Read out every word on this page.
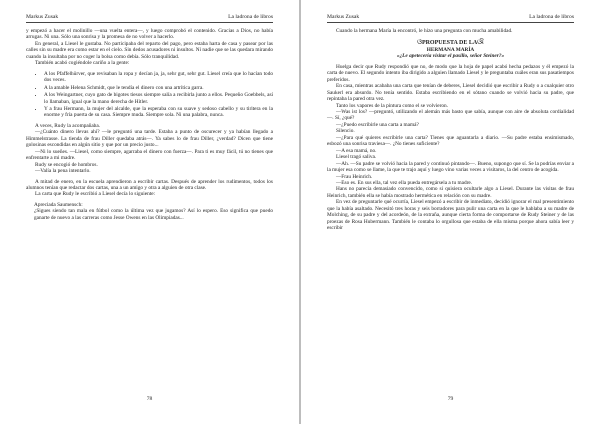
Markus Zusak	La ladrona de libros

y empezó a hacer el molinillo —una vuelta entera—, y luego comprobó el contenido. Gracias a Dios, no había arrugas. Ni una. Sólo una sonrisa y la promesa de no volver a hacerlo.

En general, a Liesel le gustaba. No participaba del reparto del pago, pero estaba harta de casa y pasear por las calles sin su madre era como estar en el cielo. Sin dedos acusadores ni insultos. Ni nadie que se las quedara mirando cuando la insultaba por no coger la bolsa como debía. Sólo tranquilidad.

También acabó cogiéndole cariño a la gente:

• A los Pfaffelhürver, que revisaban la ropa y decían ja, ja, sehr gut, sehr gut. Liesel creía que lo hacían todo dos veces.
• A la amable Helena Schmidt, que le tendía el dinero con una artrítica garra.
• A los Weingartner, cuyo gato de bigotes tiesos siempre salía a recibirla junto a ellos. Pequeño Goebbels, así lo llamaban, igual que la mano derecha de Hitler.
• Y a frau Hermann, la mujer del alcalde, que la esperaba con su suave y sedoso cabello y su tiritera en la enorme y fría puerta de su casa. Siempre muda. Siempre sola. Ni una palabra, nunca.

A veces, Rudy la acompañaba.

—¿Cuánto dinero llevas ahí? —le preguntó una tarde. Estaba a punto de oscurecer y ya habían llegado a Himmelstrasse. La tienda de frau Diller quedaba atrás—. Ya sabes lo de frau Diller, ¿verdad? Dicen que tiene golosinas escondidas en algún sitio y que por un precio justo...

—Ni lo sueñes. —Liesel, como siempre, agarraba el dinero con fuerza—. Para ti es muy fácil, tú no tienes que enfrentarte a mi madre.

Rudy se encogió de hombros.

—Valía la pena intentarlo.

A mitad de enero, en la escuela aprendieron a escribir cartas. Después de aprender los rudimentos, todos los alumnos tenían que redactar dos cartas, una a un amigo y otra a alguien de otra clase.

La carta que Rudy le escribió a Liesel decía lo siguiente:

Apreciada Saumensch:

¿Sigues siendo tan mala en fútbol como la última vez que jugamos? Así lo espero. Eso significa que puedo ganarte de nuevo a las carreras como Jesse Owens en las Olimpiadas...

78
Markus Zusak	La ladrona de libros

Cuando la hermana María la encontró, le hizo una pregunta con mucha amabilidad.

ଓPROPUESTA DE LAଔ
HERMANA MARÍA
«¿Le apetecería visitar el pasillo, señor Steiner?»

Huelga decir que Rudy respondió que no, de modo que la hoja de papel acabó hecha pedazos y él empezó la carta de nuevo. El segundo intento iba dirigido a alguien llamado Liesel y le preguntaba cuáles eran sus pasatiempos preferidos.

En casa, mientras acababa una carta que tenían de deberes, Liesel decidió que escribir a Rudy o a cualquier otro Saukerl era absurdo. No tenía sentido. Estaba escribiendo en el sótano cuando se volvió hacia su padre, que repintaba la pared otra vez.

Tanto los vapores de la pintura como el se volvieron.

—Was ist los? —preguntó, utilizando el alemán más basto que sabía, aunque con aire de absoluta cordialidad—. Sí, ¿qué?

—¿Puedo escribirle una carta a mamá?

Silencio.

—¿Para qué quieres escribirle una carta? Tienes que aguantarla a diario. —Su padre estaba ensimismado, esbozó una sonrisa traviesa—. ¿No tienes suficiente?

—A esa mamá, no.

Liesel tragó saliva.

—Ah. —Su padre se volvió hacia la pared y continuó pintando—. Bueno, supongo que sí. Se la podrías enviar a la mujer esa como se llame, la que te trajo aquí y luego vino varias veces a visitaros, la del centro de acogida.

—Frau Heinrich.

—Eso es. En sus ella, tal vez ella pueda entregársela a tu madre.

Hans no parecía demasiado convencido, como si quisiera ocultarle algo a Liesel. Durante las visitas de frau Heinrich, también ella se había mostrado hermética en relación con su madre.

En vez de preguntarle qué ocurría, Liesel empezó a escribir de inmediato, decidió ignorar el mal presentimiento que la había asaltado. Necesitó tres horas y seis borradores para pulir una carta en la que le hablaba a su madre de Molching, de su padre y del acordeón, de la extraña, aunque cierta forma de comportarse de Rudy Steiner y de las proezas de Rosa Hubermann. También le contaba lo orgullosa que estaba de ella misma porque ahora sabía leer y escribir

79
